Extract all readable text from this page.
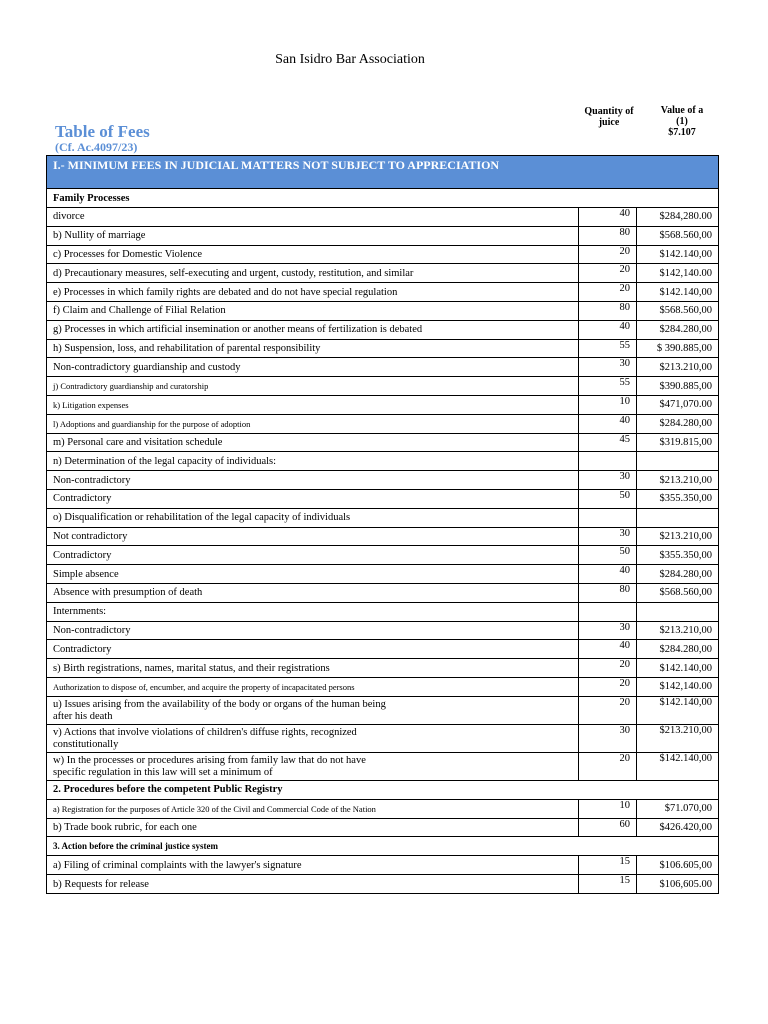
San Isidro Bar Association
Table of Fees
(Cf. Ac.4097/23)
Quantity of
juice
Value of a
(1)
$7.107
I.- MINIMUM FEES IN JUDICIAL MATTERS NOT SUBJECT TO APPRECIATION		
Family Processes		
divorce	40	$284,280.00
b) Nullity of marriage	80	$568.560,00
c) Processes for Domestic Violence	20	$142.140,00
d) Precautionary measures, self-executing and urgent, custody, restitution, and similar	20	$142,140.00
e) Processes in which family rights are debated and do not have special regulation	20	$142.140,00
f) Claim and Challenge of Filial Relation	80	$568.560,00
g) Processes in which artificial insemination or another means of fertilization is debated	40	$284.280,00
h) Suspension, loss, and rehabilitation of parental responsibility	55	$ 390.885,00
Non-contradictory guardianship and custody	30	$213.210,00
j) Contradictory guardianship and curatorship	55	$390.885,00
k) Litigation expenses	10	$471,070.00
l) Adoptions and guardianship for the purpose of adoption	40	$284.280,00
m) Personal care and visitation schedule	45	$319.815,00
n) Determination of the legal capacity of individuals:		
Non-contradictory	30	$213.210,00
Contradictory	50	$355.350,00
o) Disqualification or rehabilitation of the legal capacity of individuals		
Not contradictory	30	$213.210,00
Contradictory	50	$355.350,00
Simple absence	40	$284.280,00
Absence with presumption of death	80	$568.560,00
Internments:		
Non-contradictory	30	$213.210,00
Contradictory	40	$284.280,00
s) Birth registrations, names, marital status, and their registrations	20	$142.140,00
Authorization to dispose of, encumber, and acquire the property of incapacitated persons	20	$142,140.00

u) Issues arising from the availability of the body or organs of the human being
after his death	20	$142.140,00

v) Actions that involve violations of children's diffuse rights, recognized
constitutionally	30	$213.210,00

w) In the processes or procedures arising from family law that do not have
specific regulation in this law will set a minimum of	20	$142.140,00
2. Procedures before the competent Public Registry		
a) Registration for the purposes of Article 320 of the Civil and Commercial Code of the Nation	10	$71.070,00
b) Trade book rubric, for each one	60	$426.420,00
3. Action before the criminal justice system		
a) Filing of criminal complaints with the lawyer's signature	15	$106.605,00
b) Requests for release	15	$106,605.00
